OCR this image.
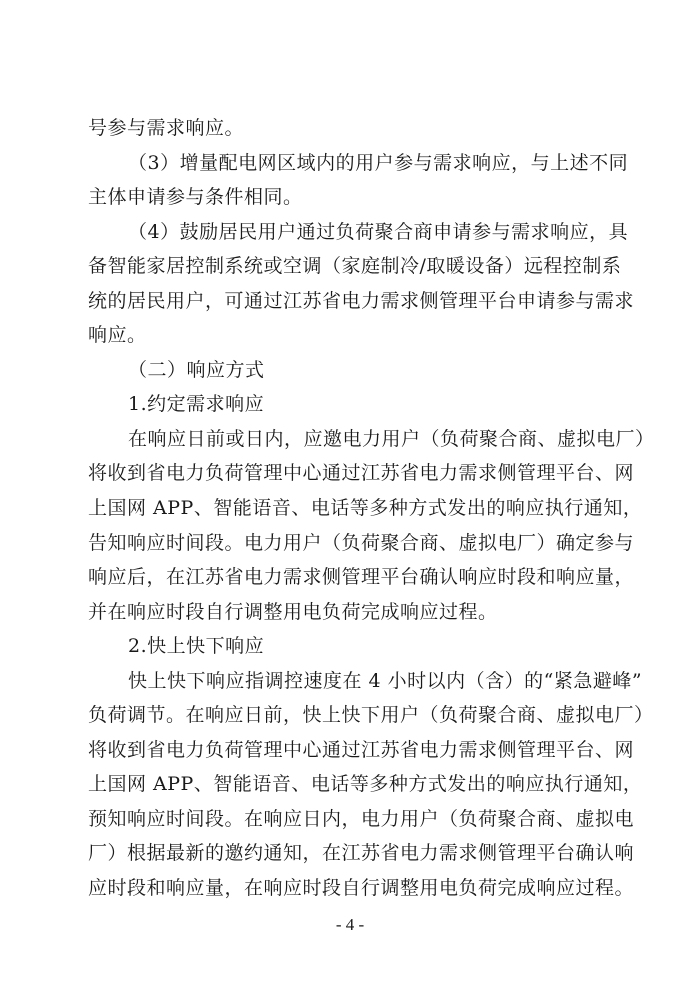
号参与需求响应。
（3）增量配电网区域内的用户参与需求响应，与上述不同
主体申请参与条件相同。
（4）鼓励居民用户通过负荷聚合商申请参与需求响应，具
备智能家居控制系统或空调（家庭制冷/取暖设备）远程控制系
统的居民用户，可通过江苏省电力需求侧管理平台申请参与需求
响应。
（二）响应方式
1.约定需求响应
在响应日前或日内，应邀电力用户（负荷聚合商、虚拟电厂）
将收到省电力负荷管理中心通过江苏省电力需求侧管理平台、网
上国网 APP、智能语音、电话等多种方式发出的响应执行通知，
告知响应时间段。电力用户（负荷聚合商、虚拟电厂）确定参与
响应后，在江苏省电力需求侧管理平台确认响应时段和响应量，
并在响应时段自行调整用电负荷完成响应过程。
2.快上快下响应
快上快下响应指调控速度在 4 小时以内（含）的“紧急避峰”
负荷调节。在响应日前，快上快下用户（负荷聚合商、虚拟电厂）
将收到省电力负荷管理中心通过江苏省电力需求侧管理平台、网
上国网 APP、智能语音、电话等多种方式发出的响应执行通知，
预知响应时间段。在响应日内，电力用户（负荷聚合商、虚拟电
厂）根据最新的邀约通知，在江苏省电力需求侧管理平台确认响
应时段和响应量，在响应时段自行调整用电负荷完成响应过程。
- 4 -
